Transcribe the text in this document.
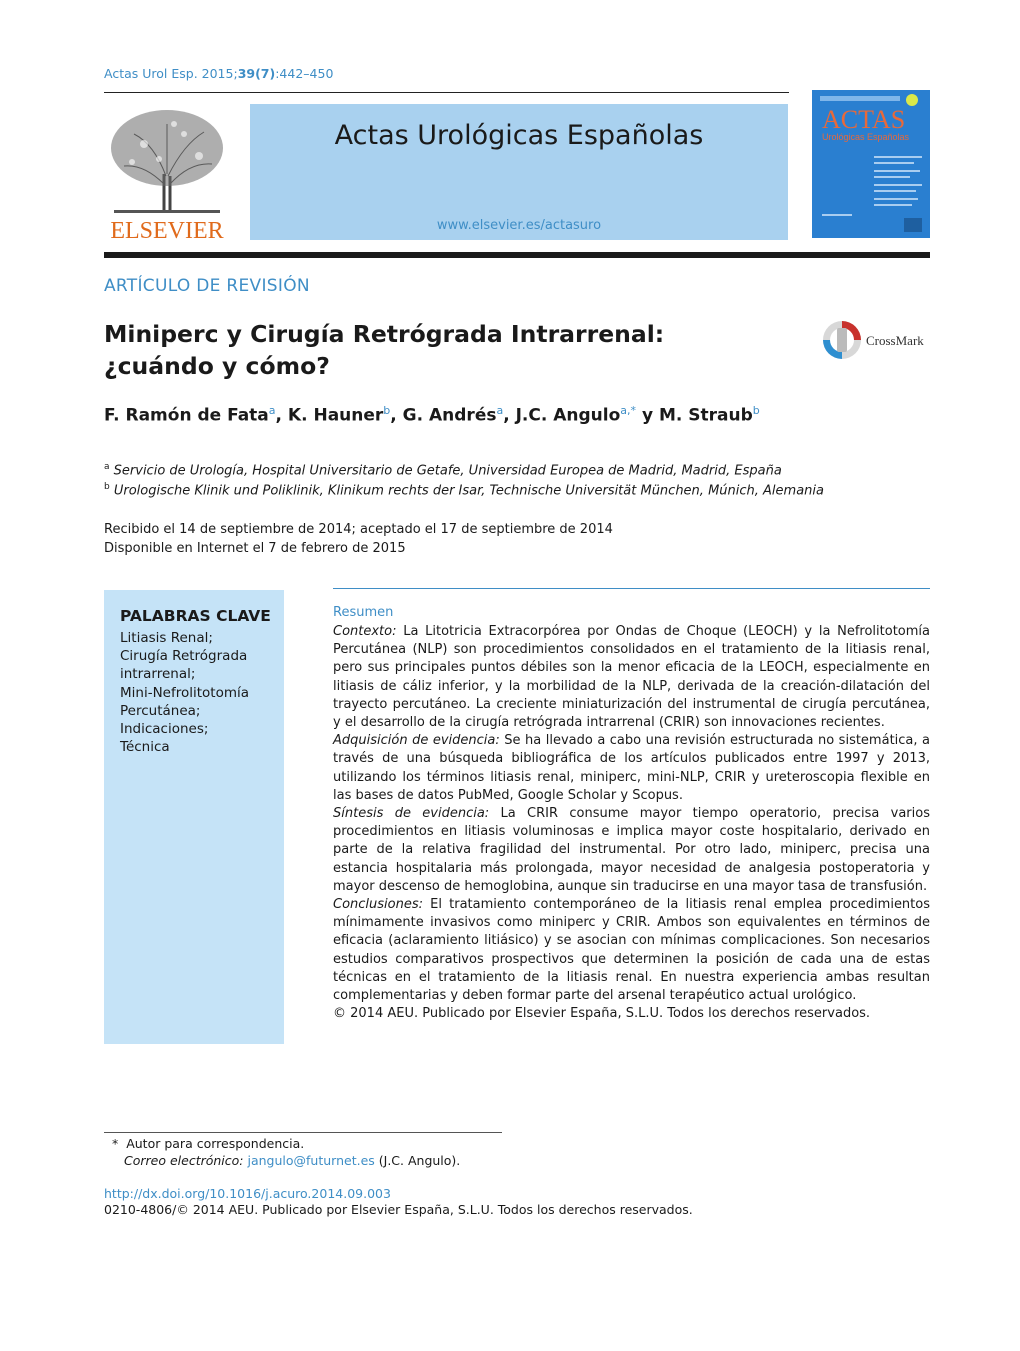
Actas Urol Esp. 2015;39(7):442–450
ELSEVIER
Actas Urológicas Españolas
www.elsevier.es/actasuro
ACTAS
Urológicas Españolas
ARTÍCULO DE REVISIÓN
Miniperc y Cirugía Retrógrada Intrarrenal:
¿cuándo y cómo?
CrossMark
F. Ramón de Fata$^a$, K. Hauner$^b$, G. Andrés$^a$, J.C. Angulo$^{a,*}$ y M. Straub$^b$
$^a$ Servicio de Urología, Hospital Universitario de Getafe, Universidad Europea de Madrid, Madrid, España
$^b$ Urologische Klinik und Poliklinik, Klinikum rechts der Isar, Technische Universität München, Múnich, Alemania
Recibido el 14 de septiembre de 2014; aceptado el 17 de septiembre de 2014
Disponible en Internet el 7 de febrero de 2015
PALABRAS CLAVE
Litiasis Renal;
Cirugía Retrógrada
intrarrenal;
Mini-Nefrolitotomía
Percutánea;
Indicaciones;
Técnica
Resumen

Contexto: La Litotricia Extracorpórea por Ondas de Choque (LEOCH) y la Nefrolitotomía Percutánea (NLP) son procedimientos consolidados en el tratamiento de la litiasis renal, pero sus principales puntos débiles son la menor eficacia de la LEOCH, especialmente en litiasis de cáliz inferior, y la morbilidad de la NLP, derivada de la creación-dilatación del trayecto percutáneo. La creciente miniaturización del instrumental de cirugía percutánea, y el desarrollo de la cirugía retrógrada intrarrenal (CRIR) son innovaciones recientes.

Adquisición de evidencia: Se ha llevado a cabo una revisión estructurada no sistemática, a través de una búsqueda bibliográfica de los artículos publicados entre 1997 y 2013, utilizando los términos litiasis renal, miniperc, mini-NLP, CRIR y ureteroscopia flexible en las bases de datos PubMed, Google Scholar y Scopus.

Síntesis de evidencia: La CRIR consume mayor tiempo operatorio, precisa varios procedimientos en litiasis voluminosas e implica mayor coste hospitalario, derivado en parte de la relativa fragilidad del instrumental. Por otro lado, miniperc, precisa una estancia hospitalaria más prolongada, mayor necesidad de analgesia postoperatoria y mayor descenso de hemoglobina, aunque sin traducirse en una mayor tasa de transfusión.

Conclusiones: El tratamiento contemporáneo de la litiasis renal emplea procedimientos mínimamente invasivos como miniperc y CRIR. Ambos son equivalentes en términos de eficacia (aclaramiento litiásico) y se asocian con mínimas complicaciones. Son necesarios estudios comparativos prospectivos que determinen la posición de cada una de estas técnicas en el tratamiento de la litiasis renal. En nuestra experiencia ambas resultan complementarias y deben formar parte del arsenal terapéutico actual urológico.

© 2014 AEU. Publicado por Elsevier España, S.L.U. Todos los derechos reservados.

*  Autor para correspondencia.
Correo electrónico: jangulo@futurnet.es (J.C. Angulo).
http://dx.doi.org/10.1016/j.acuro.2014.09.003
0210-4806/© 2014 AEU. Publicado por Elsevier España, S.L.U. Todos los derechos reservados.
